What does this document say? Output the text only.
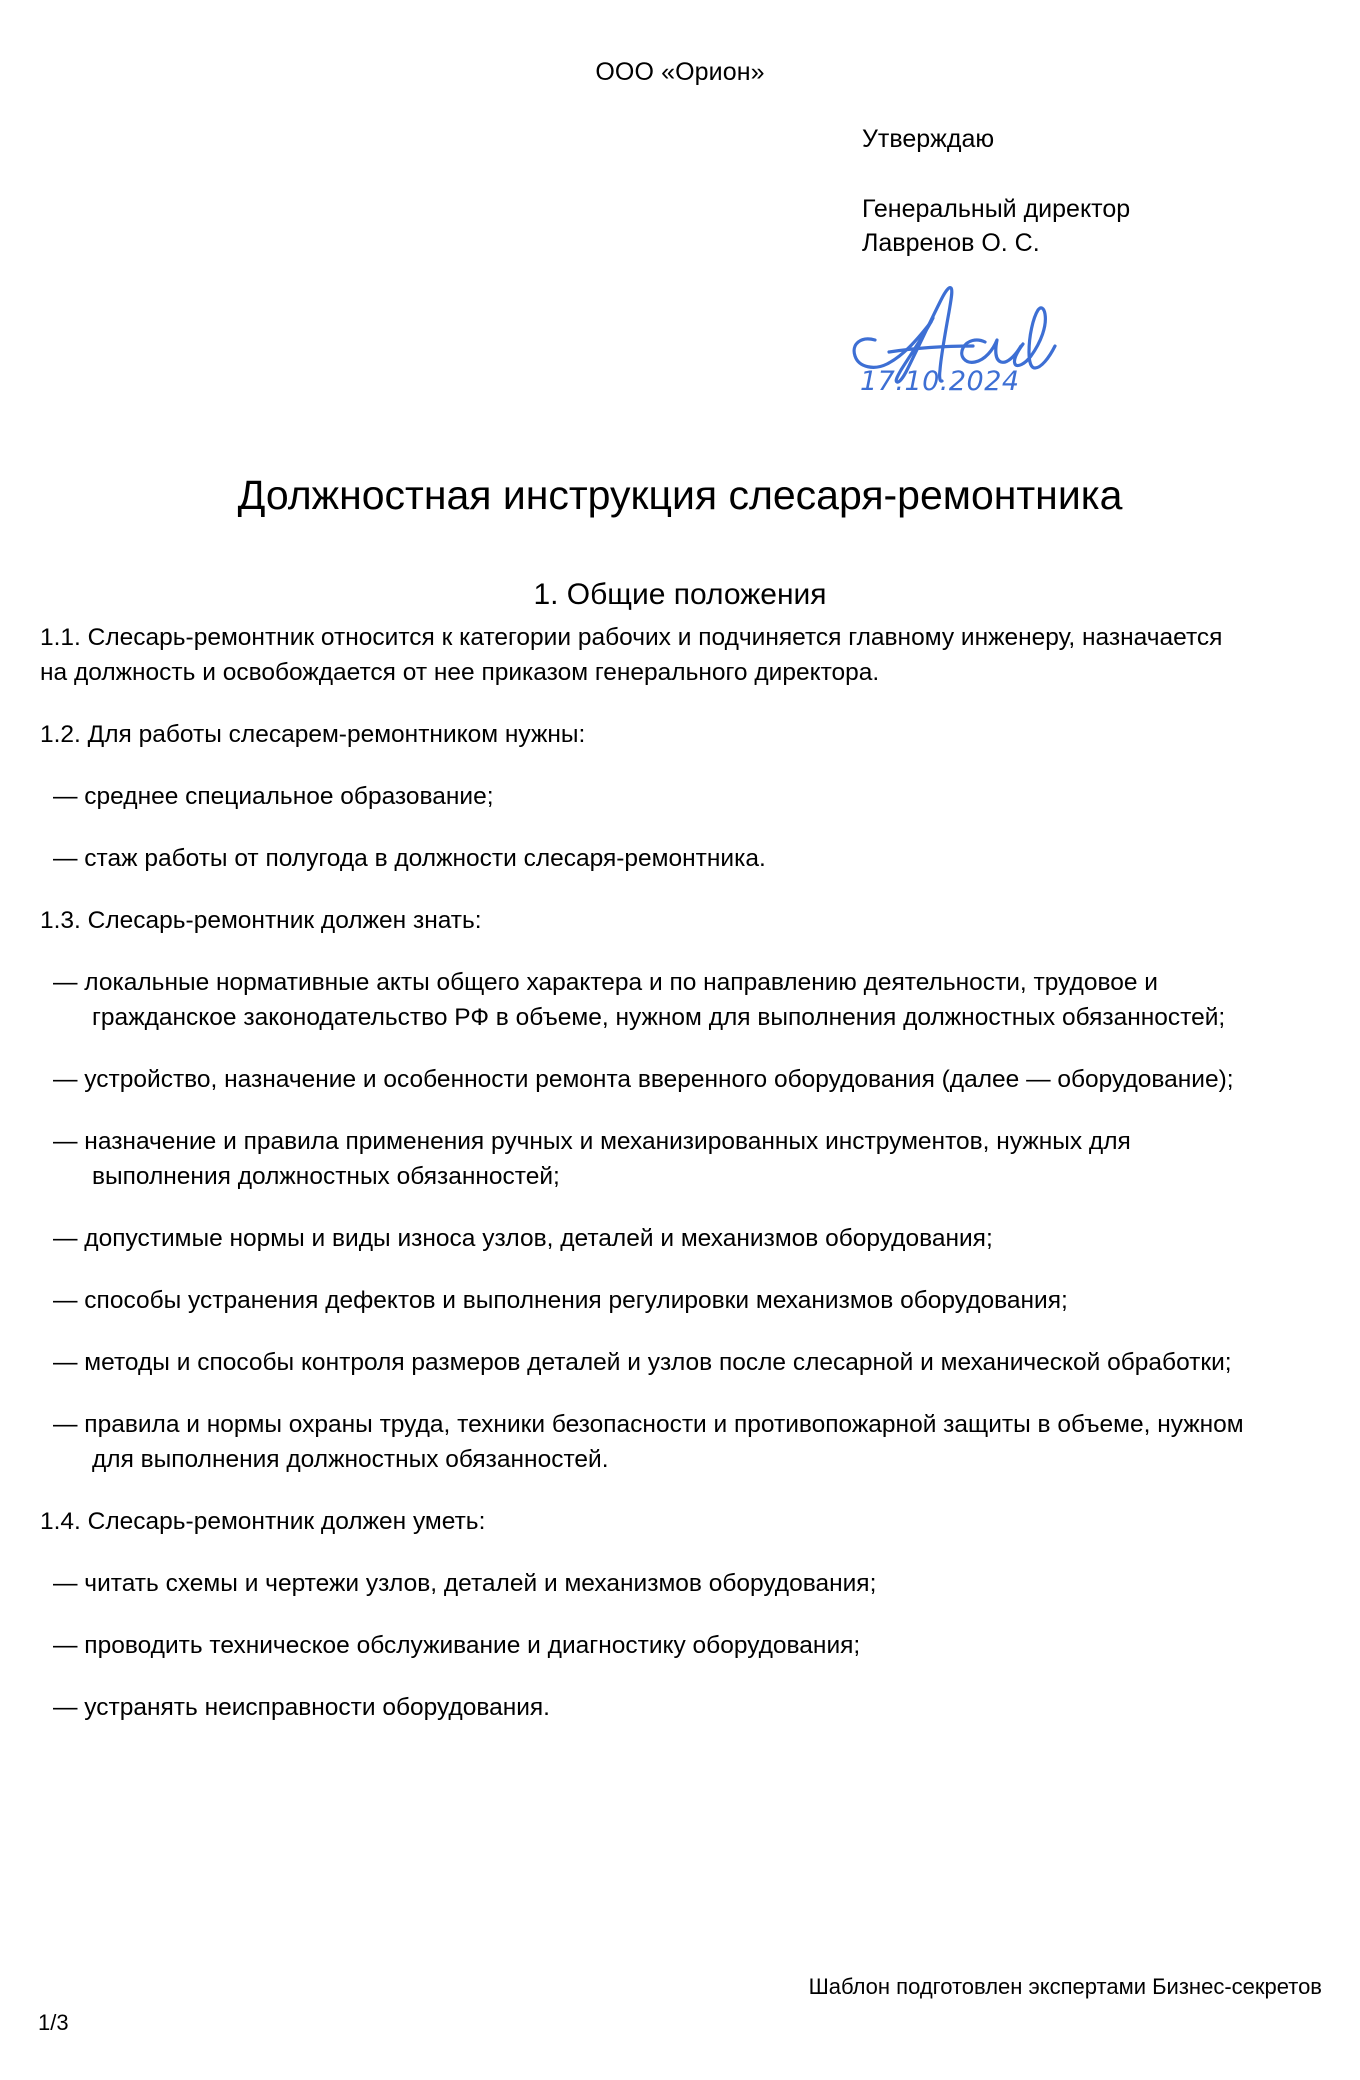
ООО «Орион»
Утверждаю
Генеральный директор
Лавренов О. С.
17.10.2024
Должностная инструкция слесаря-ремонтника
1. Общие положения

1.1. Слесарь-ремонтник относится к категории рабочих и подчиняется главному инженеру, назначается на должность и освобождается от нее приказом генерального директора.

1.2. Для работы слесарем-ремонтником нужны:

— среднее специальное образование;

— стаж работы от полугода в должности слесаря-ремонтника.

1.3. Слесарь-ремонтник должен знать:

— локальные нормативные акты общего характера и по направлению деятельности, трудовое и гражданское законодательство РФ в объеме, нужном для выполнения должностных обязанностей;

— устройство, назначение и особенности ремонта вверенного оборудования (далее — оборудование);

— назначение и правила применения ручных и механизированных инструментов, нужных для выполнения должностных обязанностей;

— допустимые нормы и виды износа узлов, деталей и механизмов оборудования;

— способы устранения дефектов и выполнения регулировки механизмов оборудования;

— методы и способы контроля размеров деталей и узлов после слесарной и механической обработки;

— правила и нормы охраны труда, техники безопасности и противопожарной защиты в объеме, нужном для выполнения должностных обязанностей.

1.4. Слесарь-ремонтник должен уметь:

— читать схемы и чертежи узлов, деталей и механизмов оборудования;

— проводить техническое обслуживание и диагностику оборудования;

— устранять неисправности оборудования.

Шаблон подготовлен экспертами Бизнес-секретов
1/3
